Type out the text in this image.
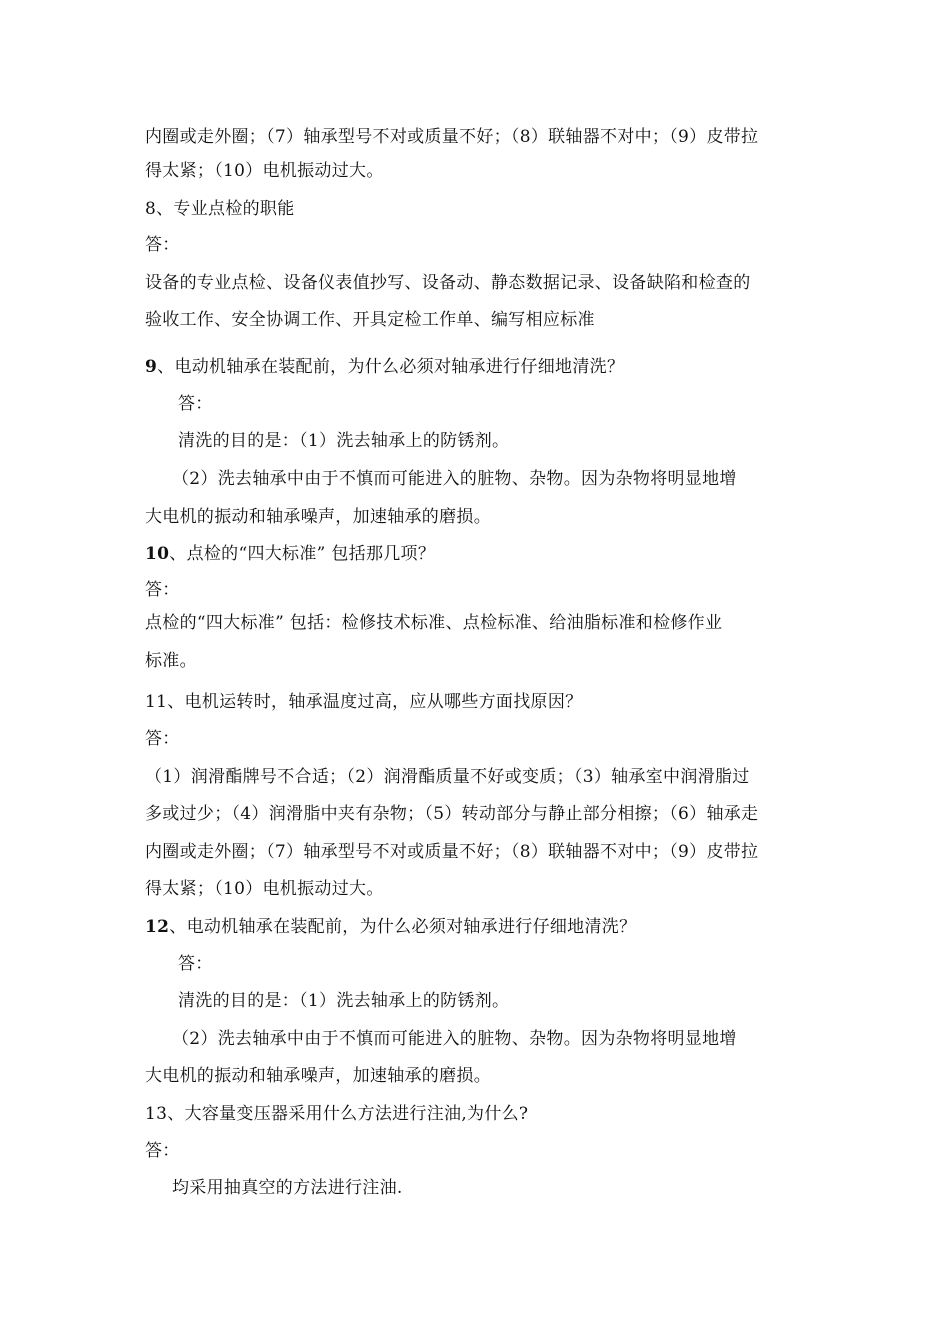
内圈或走外圈；（7）轴承型号不对或质量不好；（8）联轴器不对中；（9）皮带拉
得太紧；（10）电机振动过大。
8、专业点检的职能
答：
设备的专业点检、设备仪表值抄写、设备动、静态数据记录、设备缺陷和检查的
验收工作、安全协调工作、开具定检工作单、编写相应标准
9、电动机轴承在装配前，为什么必须对轴承进行仔细地清洗？
答：
清洗的目的是：（1）洗去轴承上的防锈剂。
（2）洗去轴承中由于不慎而可能进入的脏物、杂物。因为杂物将明显地增
大电机的振动和轴承噪声，加速轴承的磨损。
10、点检的“四大标准” 包括那几项？
答：
点检的“四大标准” 包括：检修技术标准、点检标准、给油脂标准和检修作业
标准。
11、电机运转时，轴承温度过高，应从哪些方面找原因？
答：
（1）润滑酯牌号不合适；（2）润滑酯质量不好或变质；（3）轴承室中润滑脂过
多或过少；（4）润滑脂中夹有杂物；（5）转动部分与静止部分相擦；（6）轴承走
内圈或走外圈；（7）轴承型号不对或质量不好；（8）联轴器不对中；（9）皮带拉
得太紧；（10）电机振动过大。
12、电动机轴承在装配前，为什么必须对轴承进行仔细地清洗？
答：
清洗的目的是：（1）洗去轴承上的防锈剂。
（2）洗去轴承中由于不慎而可能进入的脏物、杂物。因为杂物将明显地增
大电机的振动和轴承噪声，加速轴承的磨损。
13、大容量变压器采用什么方法进行注油,为什么?
答：
均采用抽真空的方法进行注油.
